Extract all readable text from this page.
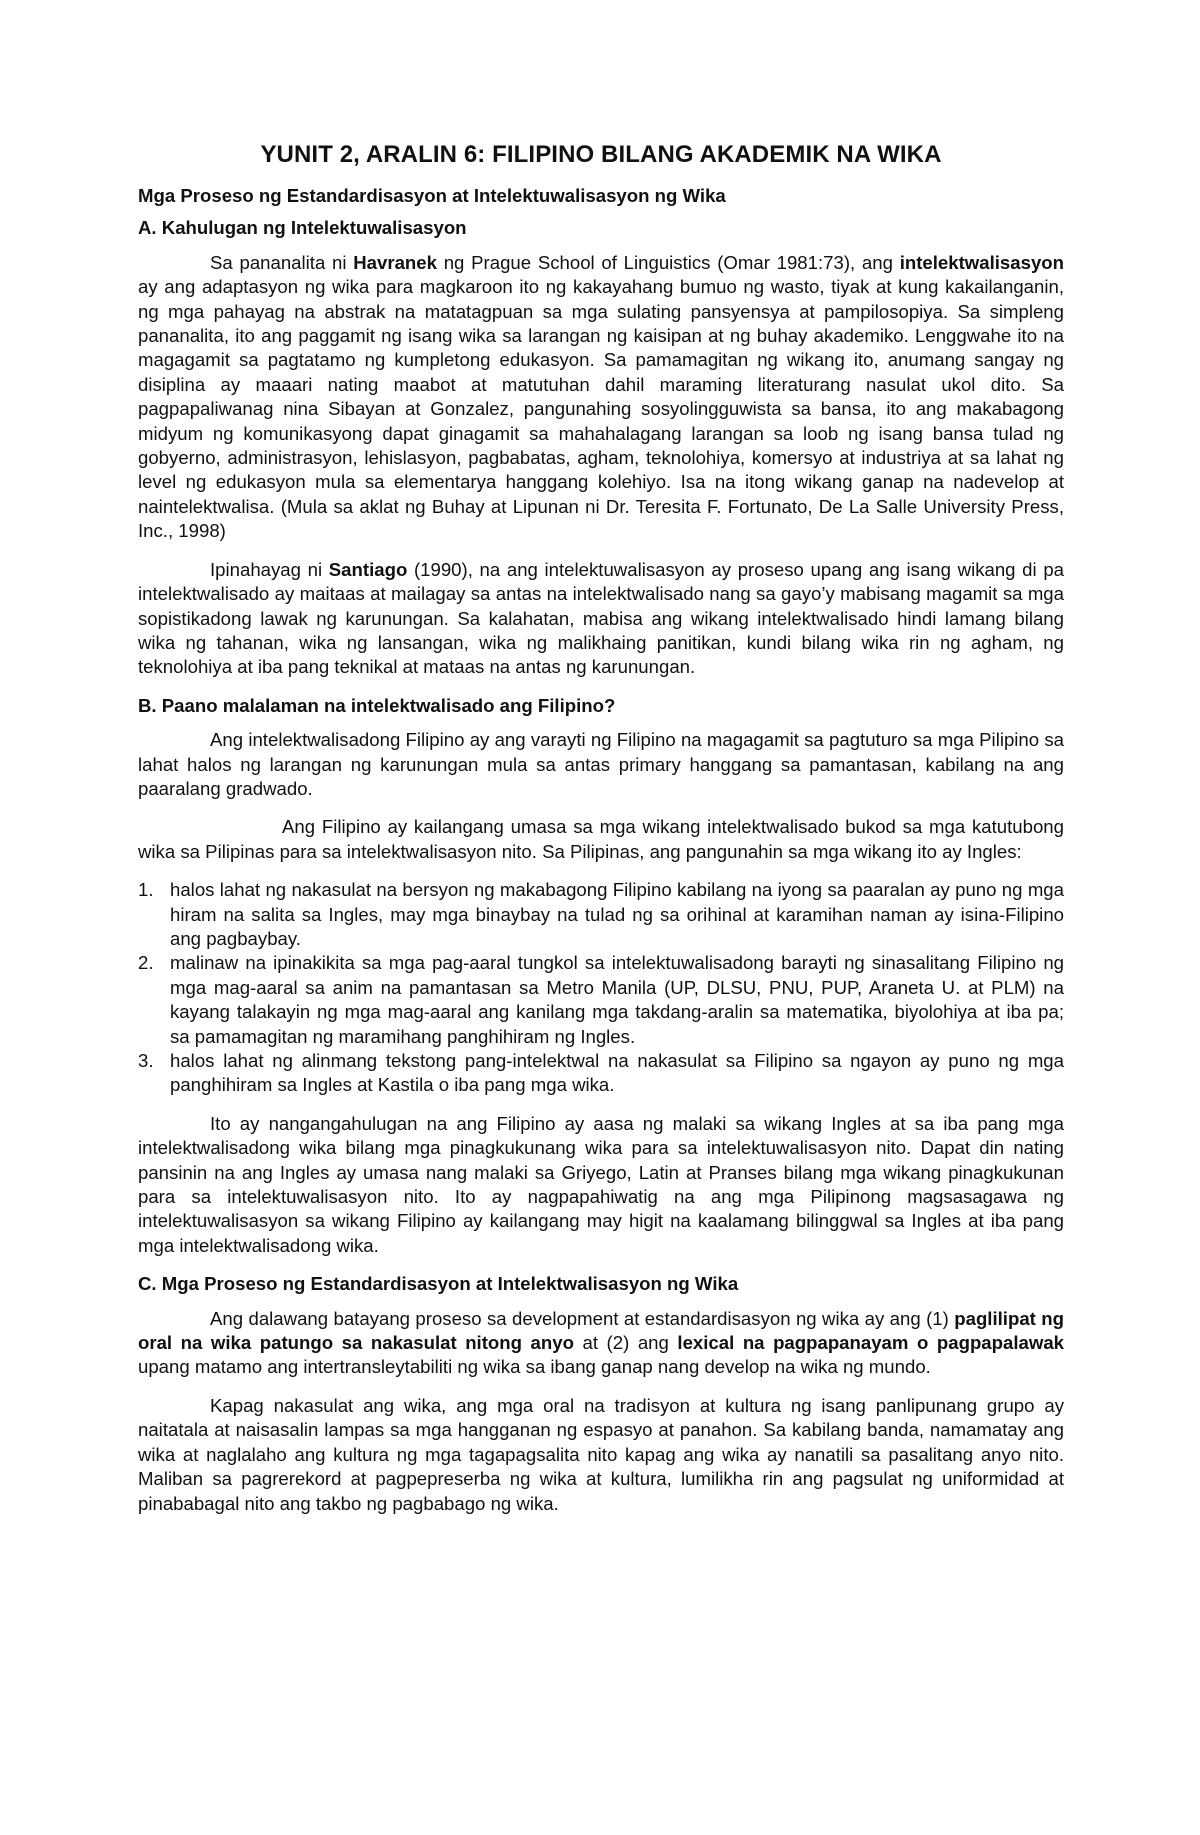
YUNIT 2, ARALIN 6: FILIPINO BILANG AKADEMIK NA WIKA
Mga Proseso ng Estandardisasyon at Intelektuwalisasyon ng Wika
A. Kahulugan ng Intelektuwalisasyon

Sa pananalita ni Havranek ng Prague School of Linguistics (Omar 1981:73), ang intelektwalisasyon ay ang adaptasyon ng wika para magkaroon ito ng kakayahang bumuo ng wasto, tiyak at kung kakailanganin, ng mga pahayag na abstrak na matatagpuan sa mga sulating pansyensya at pampilosopiya. Sa simpleng pananalita, ito ang paggamit ng isang wika sa larangan ng kaisipan at ng buhay akademiko. Lenggwahe ito na magagamit sa pagtatamo ng kumpletong edukasyon. Sa pamamagitan ng wikang ito, anumang sangay ng disiplina ay maaari nating maabot at matutuhan dahil maraming literaturang nasulat ukol dito. Sa pagpapaliwanag nina Sibayan at Gonzalez, pangunahing sosyolingguwista sa bansa, ito ang makabagong midyum ng komunikasyong dapat ginagamit sa mahahalagang larangan sa loob ng isang bansa tulad ng gobyerno, administrasyon, lehislasyon, pagbabatas, agham, teknolohiya, komersyo at industriya at sa lahat ng level ng edukasyon mula sa elementarya hanggang kolehiyo. Isa na itong wikang ganap na nadevelop at naintelektwalisa. (Mula sa aklat ng Buhay at Lipunan ni Dr. Teresita F. Fortunato, De La Salle University Press, Inc., 1998)

Ipinahayag ni Santiago (1990), na ang intelektuwalisasyon ay proseso upang ang isang wikang di pa intelektwalisado ay maitaas at mailagay sa antas na intelektwalisado nang sa gayo’y mabisang magamit sa mga sopistikadong lawak ng karunungan. Sa kalahatan, mabisa ang wikang intelektwalisado hindi lamang bilang wika ng tahanan, wika ng lansangan, wika ng malikhaing panitikan, kundi bilang wika rin ng agham, ng teknolohiya at iba pang teknikal at mataas na antas ng karunungan.

B. Paano malalaman na intelektwalisado ang Filipino?

Ang intelektwalisadong Filipino ay ang varayti ng Filipino na magagamit sa pagtuturo sa mga Pilipino sa lahat halos ng larangan ng karunungan mula sa antas primary hanggang sa pamantasan, kabilang na ang paaralang gradwado.

Ang Filipino ay kailangang umasa sa mga wikang intelektwalisado bukod sa mga katutubong wika sa Pilipinas para sa intelektwalisasyon nito. Sa Pilipinas, ang pangunahin sa mga wikang ito ay Ingles:

1. halos lahat ng nakasulat na bersyon ng makabagong Filipino kabilang na iyong sa paaralan ay puno ng mga hiram na salita sa Ingles, may mga binaybay na tulad ng sa orihinal at karamihan naman ay isina-Filipino ang pagbaybay.
2. malinaw na ipinakikita sa mga pag-aaral tungkol sa intelektuwalisadong barayti ng sinasalitang Filipino ng mga mag-aaral sa anim na pamantasan sa Metro Manila (UP, DLSU, PNU, PUP, Araneta U. at PLM) na kayang talakayin ng mga mag-aaral ang kanilang mga takdang-aralin sa matematika, biyolohiya at iba pa; sa pamamagitan ng maramihang panghihiram ng Ingles.
3. halos lahat ng alinmang tekstong pang-intelektwal na nakasulat sa Filipino sa ngayon ay puno ng mga panghihiram sa Ingles at Kastila o iba pang mga wika.

Ito ay nangangahulugan na ang Filipino ay aasa ng malaki sa wikang Ingles at sa iba pang mga intelektwalisadong wika bilang mga pinagkukunang wika para sa intelektuwalisasyon nito. Dapat din nating pansinin na ang Ingles ay umasa nang malaki sa Griyego, Latin at Pranses bilang mga wikang pinagkukunan para sa intelektuwalisasyon nito. Ito ay nagpapahiwatig na ang mga Pilipinong magsasagawa ng intelektuwalisasyon sa wikang Filipino ay kailangang may higit na kaalamang bilinggwal sa Ingles at iba pang mga intelektwalisadong wika.

C. Mga Proseso ng Estandardisasyon at Intelektwalisasyon ng Wika

Ang dalawang batayang proseso sa development at estandardisasyon ng wika ay ang (1) paglilipat ng oral na wika patungo sa nakasulat nitong anyo at (2) ang lexical na pagpapanayam o pagpapalawak upang matamo ang intertransleytabiliti ng wika sa ibang ganap nang develop na wika ng mundo.

Kapag nakasulat ang wika, ang mga oral na tradisyon at kultura ng isang panlipunang grupo ay naitatala at naisasalin lampas sa mga hangganan ng espasyo at panahon. Sa kabilang banda, namamatay ang wika at naglalaho ang kultura ng mga tagapagsalita nito kapag ang wika ay nanatili sa pasalitang anyo nito. Maliban sa pagrerekord at pagpepreserba ng wika at kultura, lumilikha rin ang pagsulat ng uniformidad at pinababagal nito ang takbo ng pagbabago ng wika.
